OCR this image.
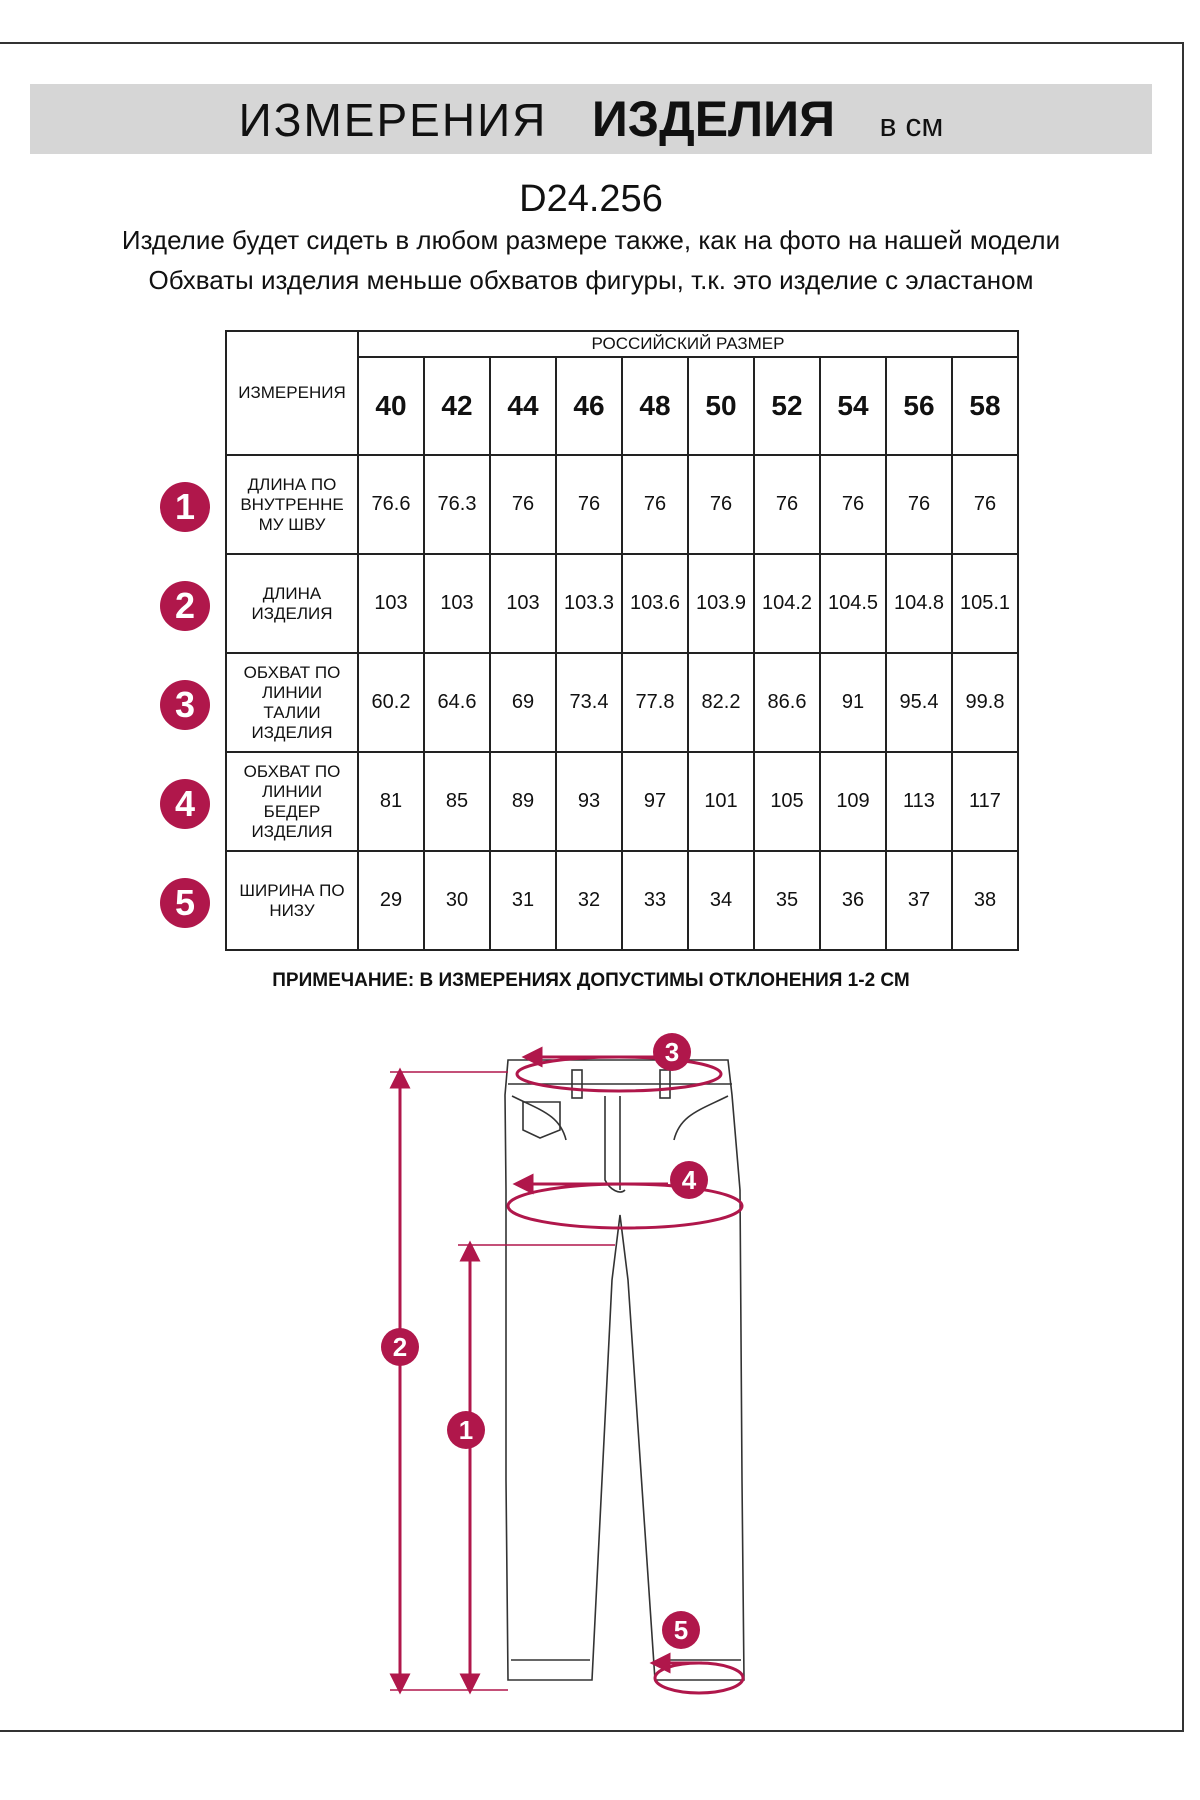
ИЗМЕРЕНИЯ ИЗДЕЛИЯ в см
D24.256
Изделие будет сидеть в любом размере также, как на фото на нашей модели
Обхваты изделия меньше обхватов фигуры, т.к. это изделие с эластаном
ИЗМЕРЕНИЯ	РОССИЙСКИЙ РАЗМЕР									
	40	42	44	46	48	50	52	54	56	58

ДЛИНА ПО
ВНУТРЕННЕ
МУ ШВУ	76.6	76.3	76	76	76	76	76	76	76	76

ДЛИНА
ИЗДЕЛИЯ	103	103	103	103.3	103.6	103.9	104.2	104.5	104.8	105.1

ОБХВАТ ПО
ЛИНИИ
ТАЛИИ
ИЗДЕЛИЯ	60.2	64.6	69	73.4	77.8	82.2	86.6	91	95.4	99.8

ОБХВАТ ПО
ЛИНИИ
БЕДЕР
ИЗДЕЛИЯ	81	85	89	93	97	101	105	109	113	117

ШИРИНА ПО
НИЗУ	29	30	31	32	33	34	35	36	37	38
1
2
3
4
5
ПРИМЕЧАНИЕ: В ИЗМЕРЕНИЯХ ДОПУСТИМЫ ОТКЛОНЕНИЯ 1-2 СМ
3
4
2
1
5
